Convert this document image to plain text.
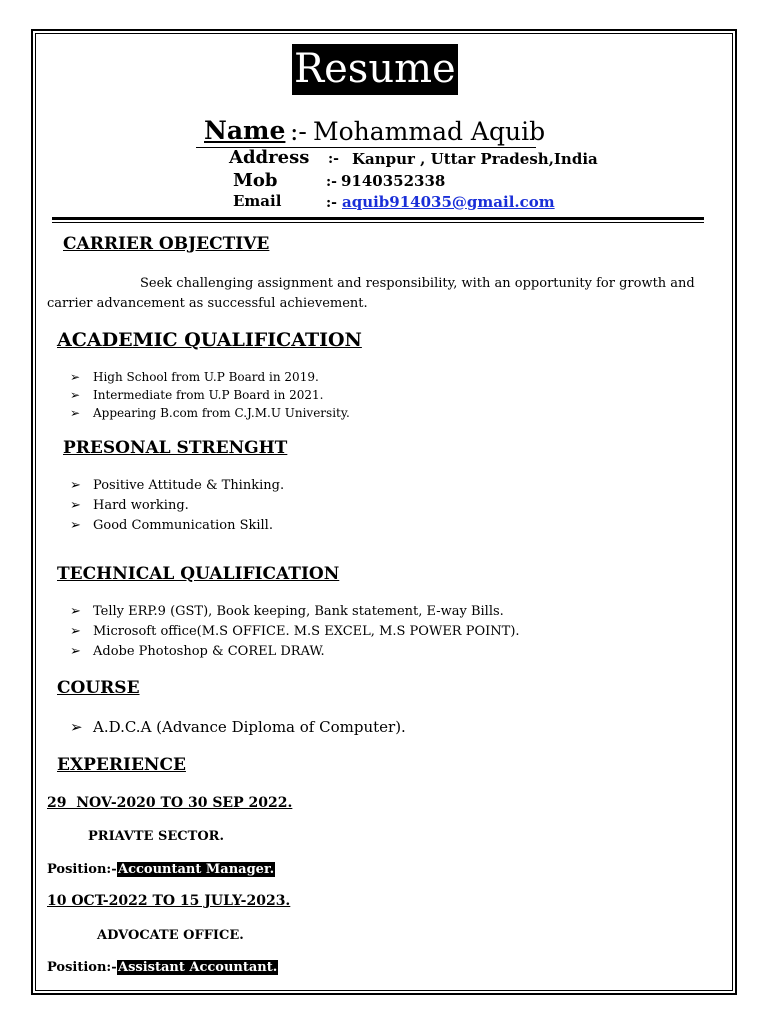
Resume
Name :- Mohammad Aquib
Address :- Kanpur , Uttar Pradesh,India
Mob	:- 9140352338
Email	:- aquib914035@gmail.com
CARRIER OBJECTIVE
Seek challenging assignment and responsibility, with an opportunity for growth and
carrier advancement as successful achievement.
ACADEMIC QUALIFICATION
➢ High School from U.P Board in 2019.
➢ Intermediate from U.P Board in 2021.
➢ Appearing B.com from C.J.M.U University.
PRESONAL STRENGHT
➢ Positive Attitude & Thinking.
➢ Hard working.
➢ Good Communication Skill.
TECHNICAL QUALIFICATION
➢ Telly ERP.9 (GST), Book keeping, Bank statement, E-way Bills.
➢ Microsoft office(M.S OFFICE. M.S EXCEL, M.S POWER POINT).
➢ Adobe Photoshop & COREL DRAW.
COURSE
➢ A.D.C.A (Advance Diploma of Computer).
EXPERIENCE
29  NOV-2020 TO 30 SEP 2022.
PRIAVTE SECTOR.
Position:- Accountant Manager.
10 OCT-2022 TO 15 JULY-2023.
ADVOCATE OFFICE.
Position:- Assistant Accountant.
